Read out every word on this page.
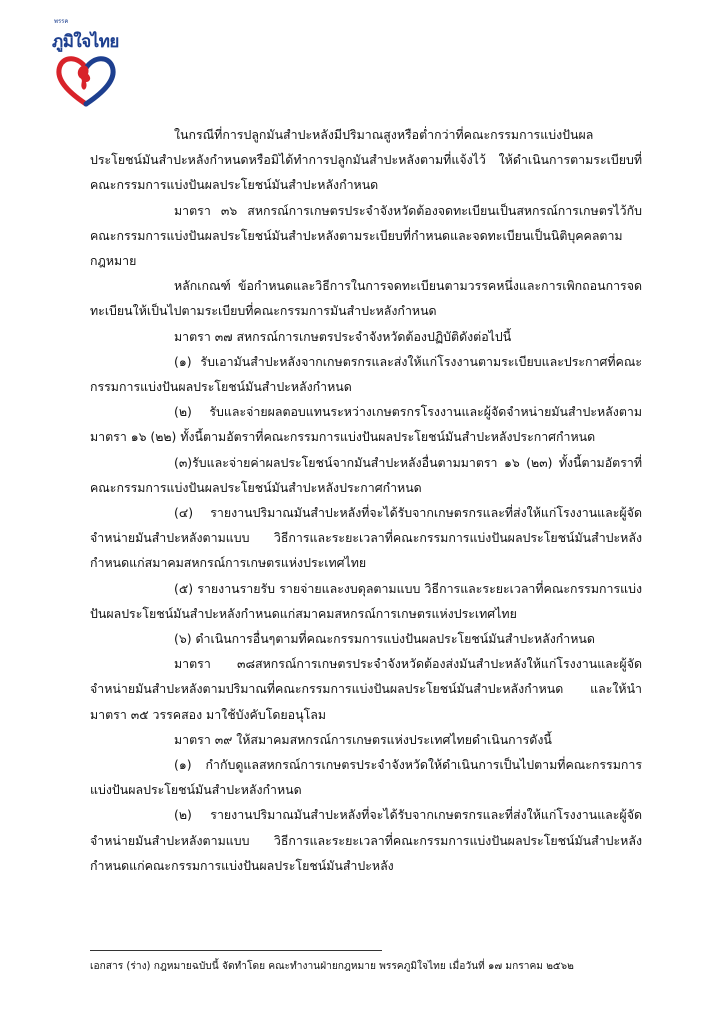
พรรค
ภูมิใจไทย

ในกรณีที่การปลูกมันสำปะหลังมีปริมาณสูงหรือต่ำกว่าที่คณะกรรมการแบ่งปันผลประโยชน์มันสำปะหลังกำหนดหรือมิได้ทำการปลูกมันสำปะหลังตามที่แจ้งไว้ ให้ดำเนินการตามระเบียบที่คณะกรรมการแบ่งปันผลประโยชน์มันสำปะหลังกำหนด

มาตรา ๓๖ สหกรณ์การเกษตรประจำจังหวัดต้องจดทะเบียนเป็นสหกรณ์การเกษตรไว้กับคณะกรรมการแบ่งปันผลประโยชน์มันสำปะหลังตามระเบียบที่กำหนดและจดทะเบียนเป็นนิติบุคคลตามกฎหมาย

หลักเกณฑ์ ข้อกำหนดและวิธีการในการจดทะเบียนตามวรรคหนึ่งและการเพิกถอนการจดทะเบียนให้เป็นไปตามระเบียบที่คณะกรรมการมันสำปะหลังกำหนด

มาตรา ๓๗ สหกรณ์การเกษตรประจำจังหวัดต้องปฏิบัติดังต่อไปนี้

(๑) รับเอามันสำปะหลังจากเกษตรกรและส่งให้แก่โรงงานตามระเบียบและประกาศที่คณะกรรมการแบ่งปันผลประโยชน์มันสำปะหลังกำหนด

(๒) รับและจ่ายผลตอบแทนระหว่างเกษตรกรโรงงานและผู้จัดจำหน่ายมันสำปะหลังตามมาตรา ๑๖ (๒๒) ทั้งนี้ตามอัตราที่คณะกรรมการแบ่งปันผลประโยชน์มันสำปะหลังประกาศกำหนด

(๓)รับและจ่ายค่าผลประโยชน์จากมันสำปะหลังอื่นตามมาตรา ๑๖ (๒๓) ทั้งนี้ตามอัตราที่คณะกรรมการแบ่งปันผลประโยชน์มันสำปะหลังประกาศกำหนด

(๔) รายงานปริมาณมันสำปะหลังที่จะได้รับจากเกษตรกรและที่ส่งให้แก่โรงงานและผู้จัดจำหน่ายมันสำปะหลังตามแบบ วิธีการและระยะเวลาที่คณะกรรมการแบ่งปันผลประโยชน์มันสำปะหลังกำหนดแก่สมาคมสหกรณ์การเกษตรแห่งประเทศไทย

(๕) รายงานรายรับ รายจ่ายและงบดุลตามแบบ วิธีการและระยะเวลาที่คณะกรรมการแบ่งปันผลประโยชน์มันสำปะหลังกำหนดแก่สมาคมสหกรณ์การเกษตรแห่งประเทศไทย

(๖) ดำเนินการอื่นๆตามที่คณะกรรมการแบ่งปันผลประโยชน์มันสำปะหลังกำหนด

มาตรา ๓๘สหกรณ์การเกษตรประจำจังหวัดต้องส่งมันสำปะหลังให้แก่โรงงานและผู้จัดจำหน่ายมันสำปะหลังตามปริมาณที่คณะกรรมการแบ่งปันผลประโยชน์มันสำปะหลังกำหนด และให้นำมาตรา ๓๕ วรรคสอง มาใช้บังคับโดยอนุโลม

มาตรา ๓๙ ให้สมาคมสหกรณ์การเกษตรแห่งประเทศไทยดำเนินการดังนี้

(๑) กำกับดูแลสหกรณ์การเกษตรประจำจังหวัดให้ดำเนินการเป็นไปตามที่คณะกรรมการแบ่งปันผลประโยชน์มันสำปะหลังกำหนด

(๒) รายงานปริมาณมันสำปะหลังที่จะได้รับจากเกษตรกรและที่ส่งให้แก่โรงงานและผู้จัดจำหน่ายมันสำปะหลังตามแบบ วิธีการและระยะเวลาที่คณะกรรมการแบ่งปันผลประโยชน์มันสำปะหลังกำหนดแก่คณะกรรมการแบ่งปันผลประโยชน์มันสำปะหลัง

เอกสาร (ร่าง) กฎหมายฉบับนี้ จัดทำโดย คณะทำงานฝ่ายกฎหมาย พรรคภูมิใจไทย เมื่อวันที่ ๑๗ มกราคม ๒๕๖๒
